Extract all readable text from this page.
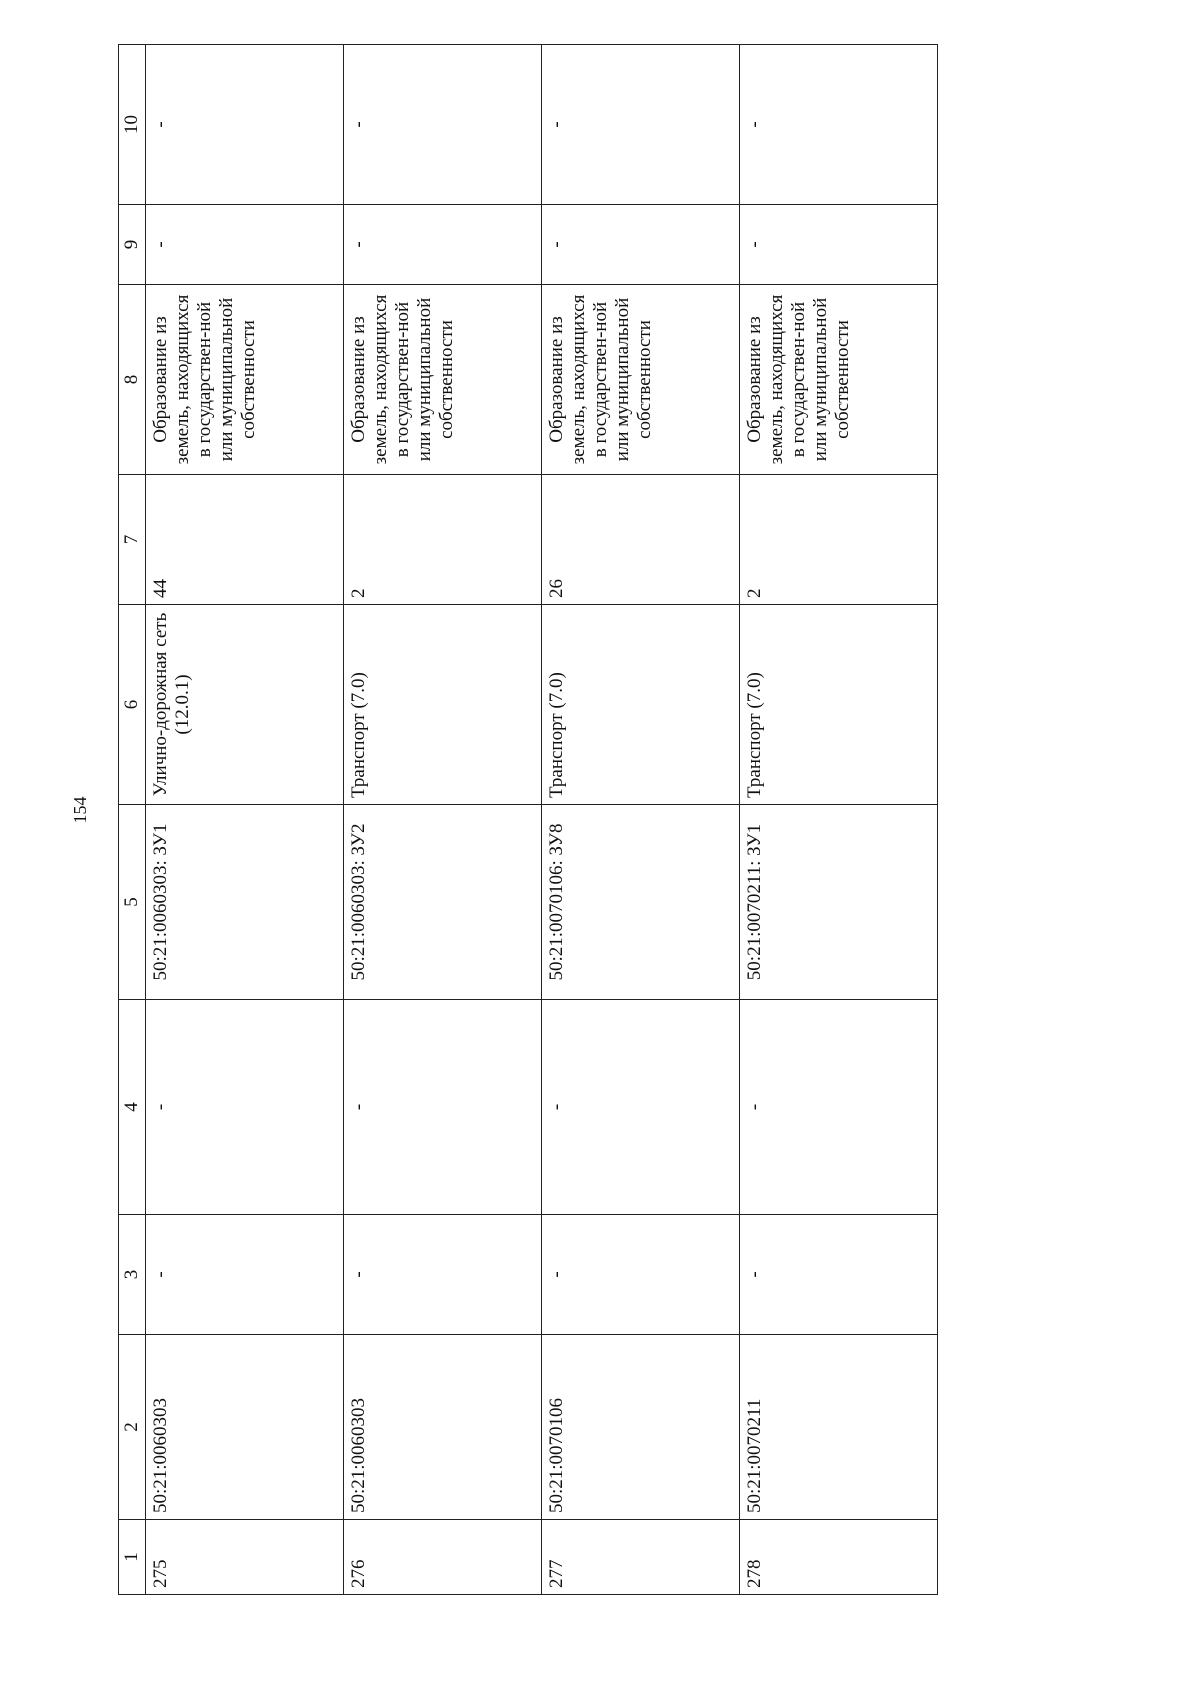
154
1	2	3	4	5	6	7	8	9	10
275	50:21:0060303	-	-	50:21:0060303: ЗУ1	Улично-дорожная сеть (12.0.1)	44	Образование из земель, находящихся в государствен-ной или муниципальной собственности	-	-
276	50:21:0060303	-	-	50:21:0060303: ЗУ2	Транспорт (7.0)	2	Образование из земель, находящихся в государствен-ной или муниципальной собственности	-	-
277	50:21:0070106	-	-	50:21:0070106: ЗУ8	Транспорт (7.0)	26	Образование из земель, находящихся в государствен-ной или муниципальной собственности	-	-
278	50:21:0070211	-	-	50:21:0070211: ЗУ1	Транспорт (7.0)	2	Образование из земель, находящихся в государствен-ной или муниципальной собственности	-	-
